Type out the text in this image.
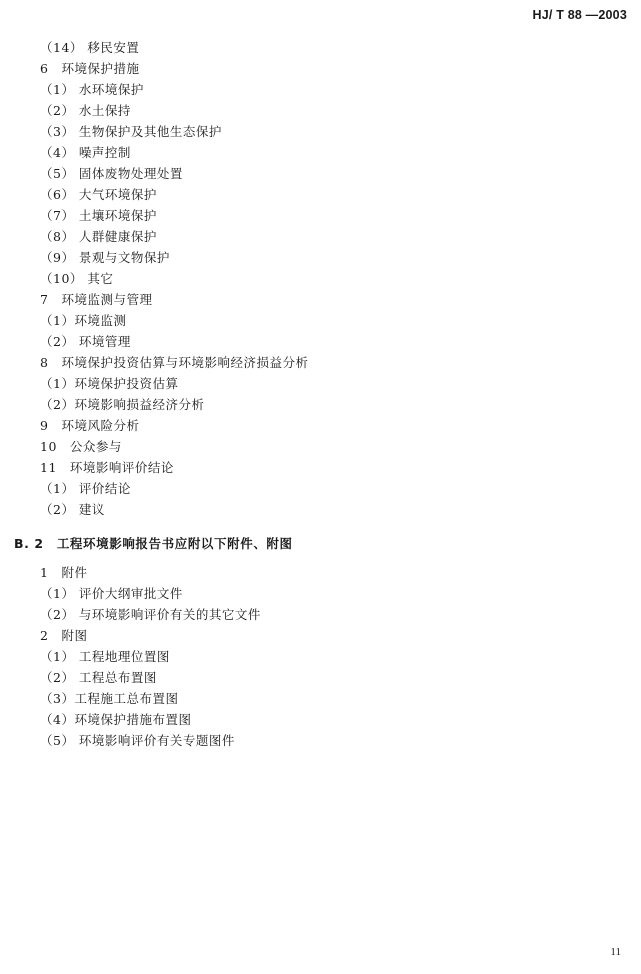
HJ/ T 88 —2003
（14） 移民安置
6　环境保护措施
（1） 水环境保护
（2） 水土保持
（3） 生物保护及其他生态保护
（4） 噪声控制
（5） 固体废物处理处置
（6） 大气环境保护
（7） 土壤环境保护
（8） 人群健康保护
（9） 景观与文物保护
（10） 其它
7　环境监测与管理
（1）环境监测
（2） 环境管理
8　环境保护投资估算与环境影响经济损益分析
（1）环境保护投资估算
（2）环境影响损益经济分析
9　环境风险分析
10　公众参与
11　环境影响评价结论
（1） 评价结论
（2） 建议
B. 2　工程环境影响报告书应附以下附件、附图
1　附件
（1） 评价大纲审批文件
（2） 与环境影响评价有关的其它文件
2　附图
（1） 工程地理位置图
（2） 工程总布置图
（3）工程施工总布置图
（4）环境保护措施布置图
（5） 环境影响评价有关专题图件
11
